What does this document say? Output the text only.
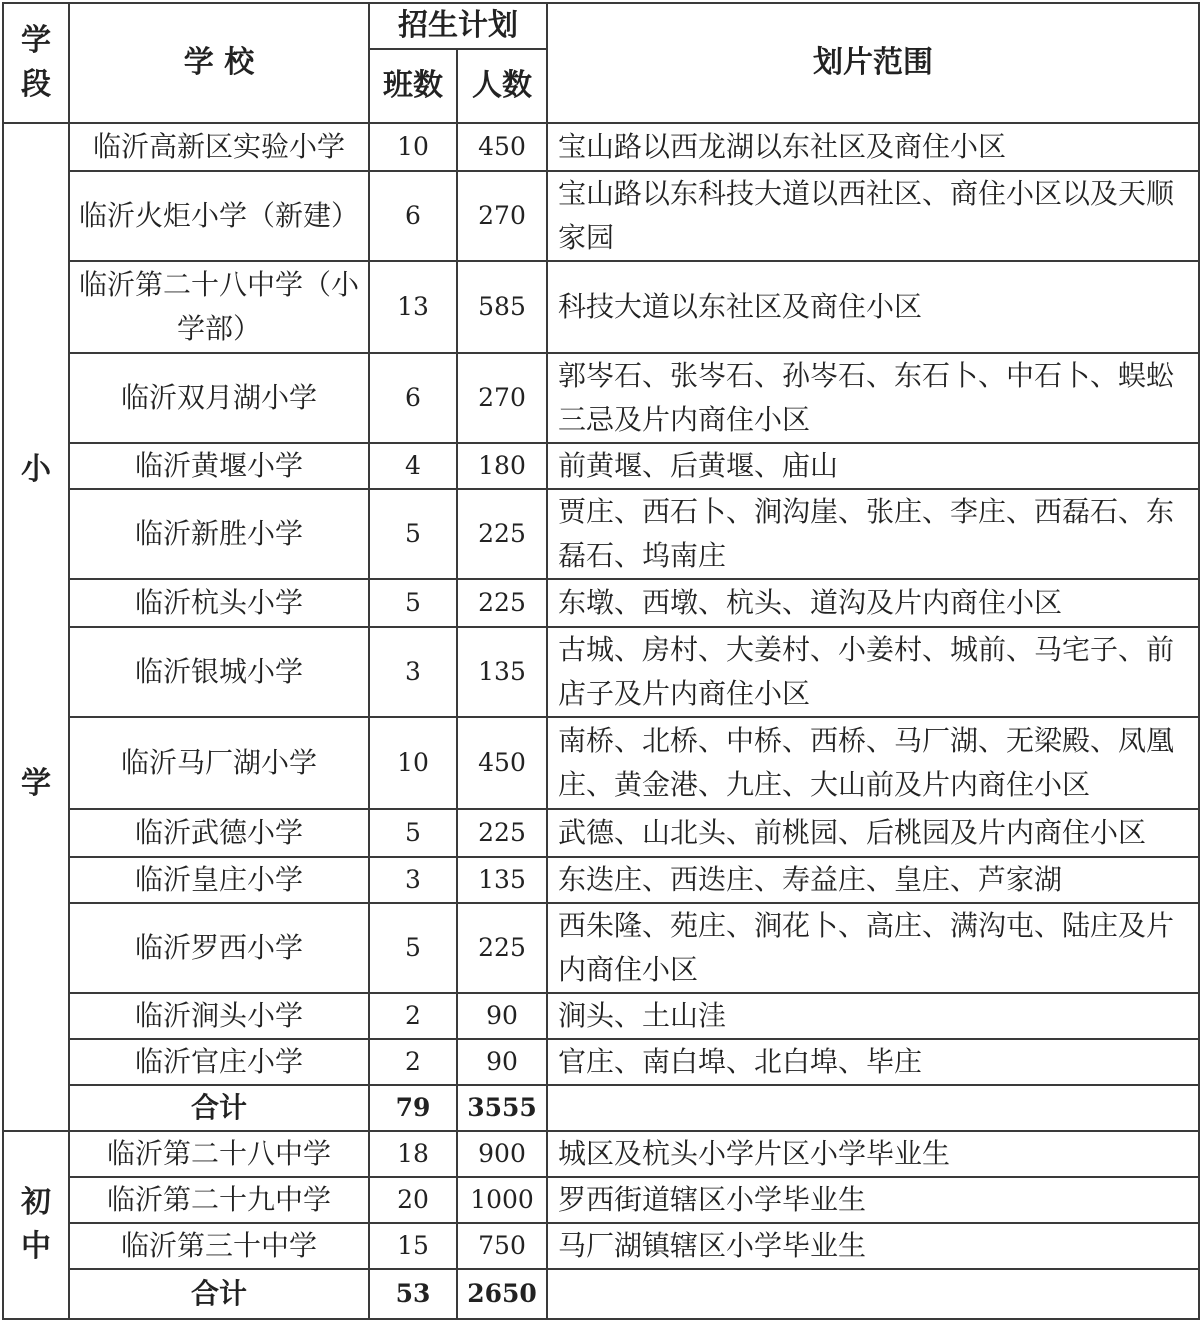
学
段	学 校	招生计划		划片范围
		班数	人数	

小
学	临沂高新区实验小学	10	450	宝山路以西龙湖以东社区及商住小区
	临沂火炬小学（新建）	6	270	宝山路以东科技大道以西社区、商住小区以及天顺家园
	临沂第二十八中学（小学部）	13	585	科技大道以东社区及商住小区
	临沂双月湖小学	6	270	郭岑石、张岑石、孙岑石、东石卜、中石卜、蜈蚣三忌及片内商住小区
	临沂黄堰小学	4	180	前黄堰、后黄堰、庙山
	临沂新胜小学	5	225	贾庄、西石卜、涧沟崖、张庄、李庄、西磊石、东磊石、坞南庄
	临沂杭头小学	5	225	东墩、西墩、杭头、道沟及片内商住小区
	临沂银城小学	3	135	古城、房村、大姜村、小姜村、城前、马宅子、前店子及片内商住小区
	临沂马厂湖小学	10	450	南桥、北桥、中桥、西桥、马厂湖、无梁殿、凤凰庄、黄金港、九庄、大山前及片内商住小区
	临沂武德小学	5	225	武德、山北头、前桃园、后桃园及片内商住小区
	临沂皇庄小学	3	135	东迭庄、西迭庄、寿益庄、皇庄、芦家湖
	临沂罗西小学	5	225	西朱隆、苑庄、涧花卜、高庄、满沟屯、陆庄及片内商住小区
	临沂涧头小学	2	90	涧头、土山洼
	临沂官庄小学	2	90	官庄、南白埠、北白埠、毕庄
	合计	79	3555	

初
中	临沂第二十八中学	18	900	城区及杭头小学片区小学毕业生
	临沂第二十九中学	20	1000	罗西街道辖区小学毕业生
	临沂第三十中学	15	750	马厂湖镇辖区小学毕业生
	合计	53	2650	
